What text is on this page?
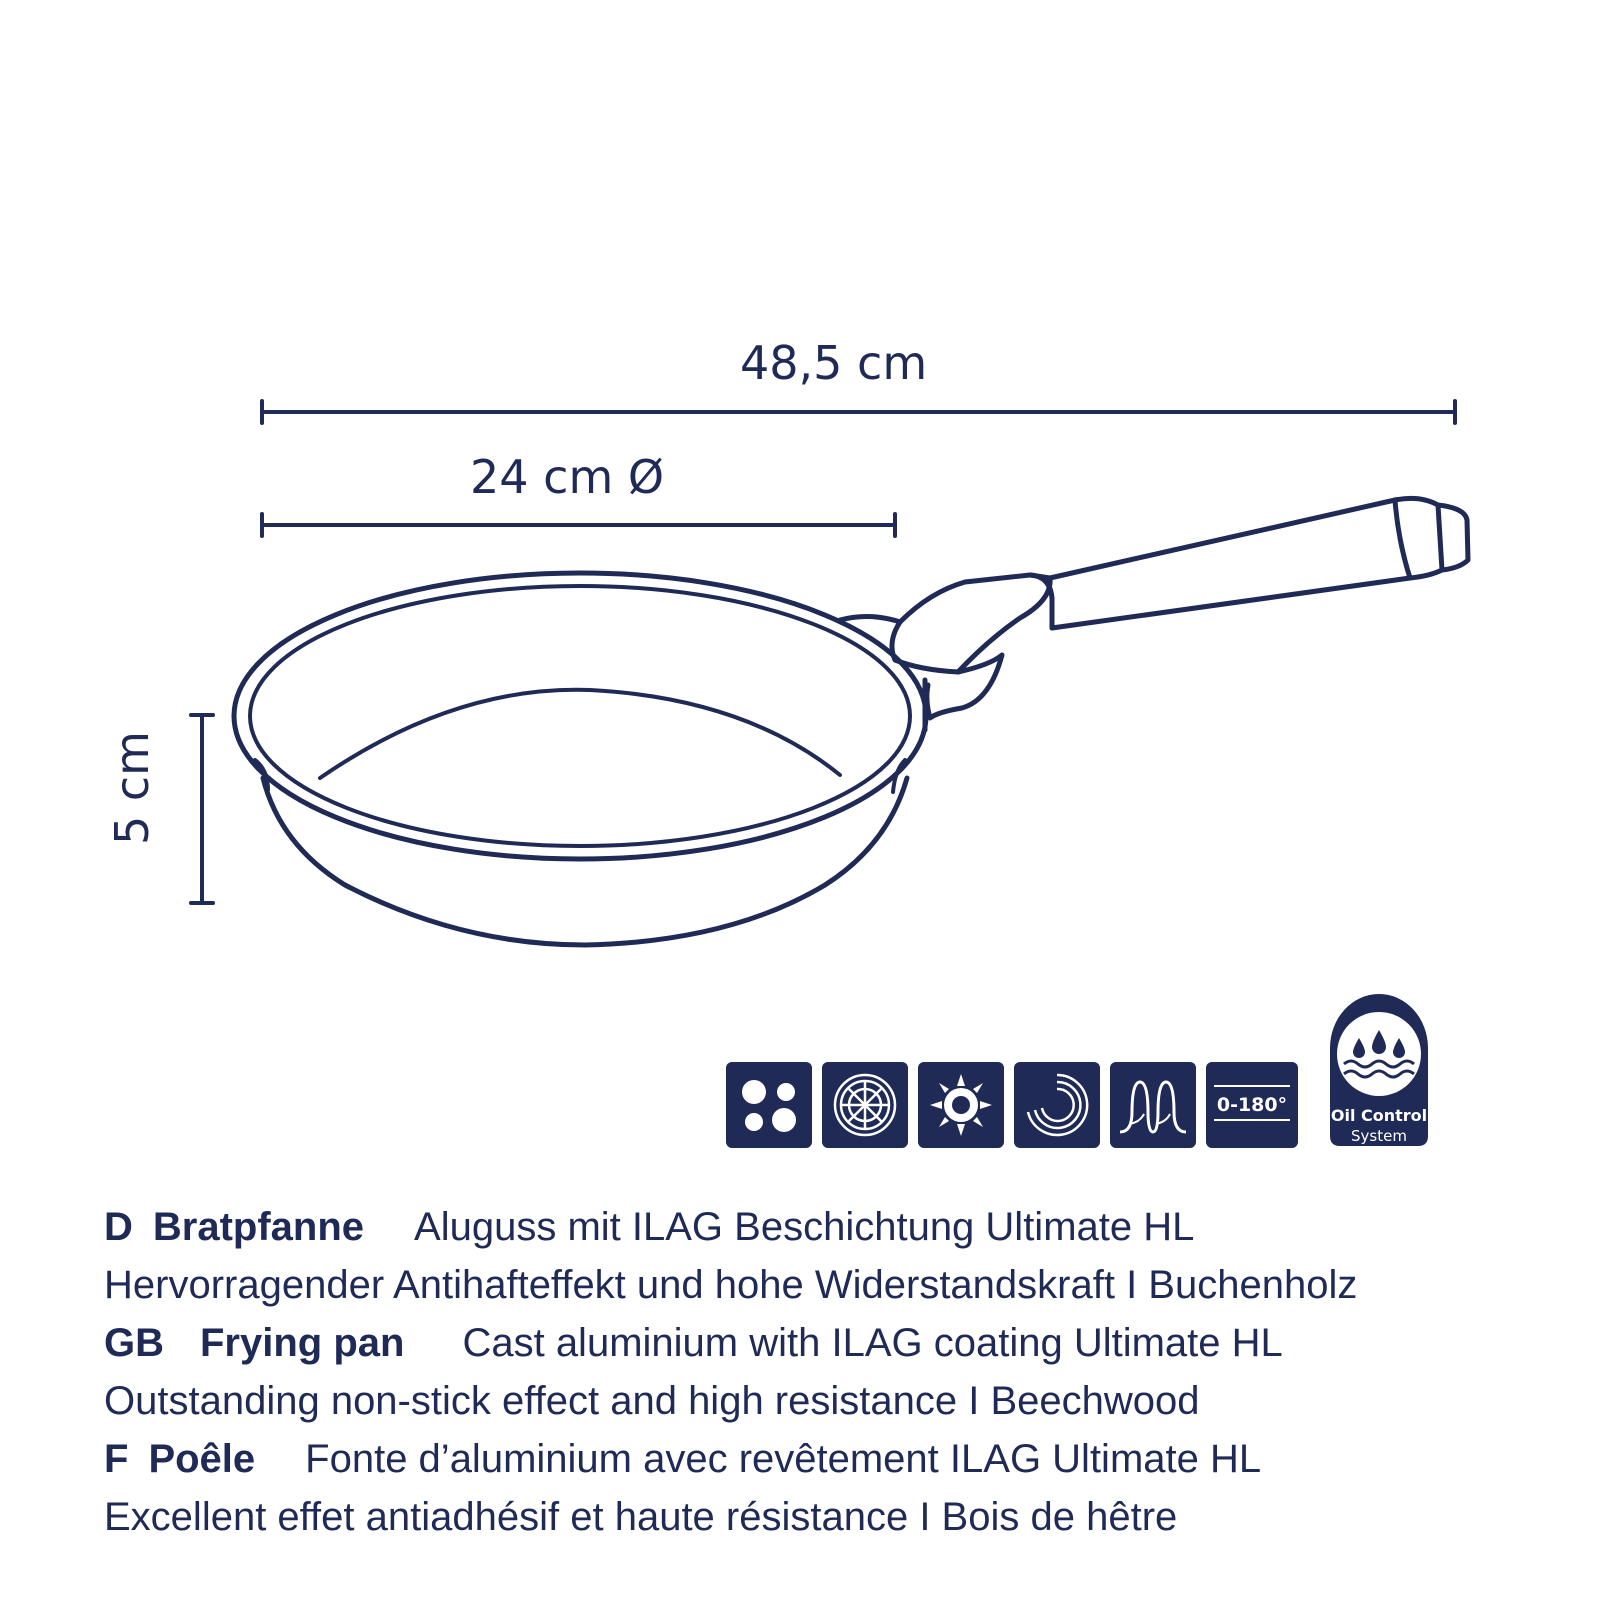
48,5 cm
24 cm Ø
5 cm
0-180°	Oil Control
System
D Bratpfanne Aluguss mit ILAG Beschichtung Ultimate HL
Hervorragender Antihafteffekt und hohe Widerstandskraft I Buchenholz
GB Frying pan Cast aluminium with ILAG coating Ultimate HL
Outstanding non-stick effect and high resistance I Beechwood
F Poêle Fonte d’aluminium avec revêtement ILAG Ultimate HL
Excellent effet antiadhésif et haute résistance I Bois de hêtre
